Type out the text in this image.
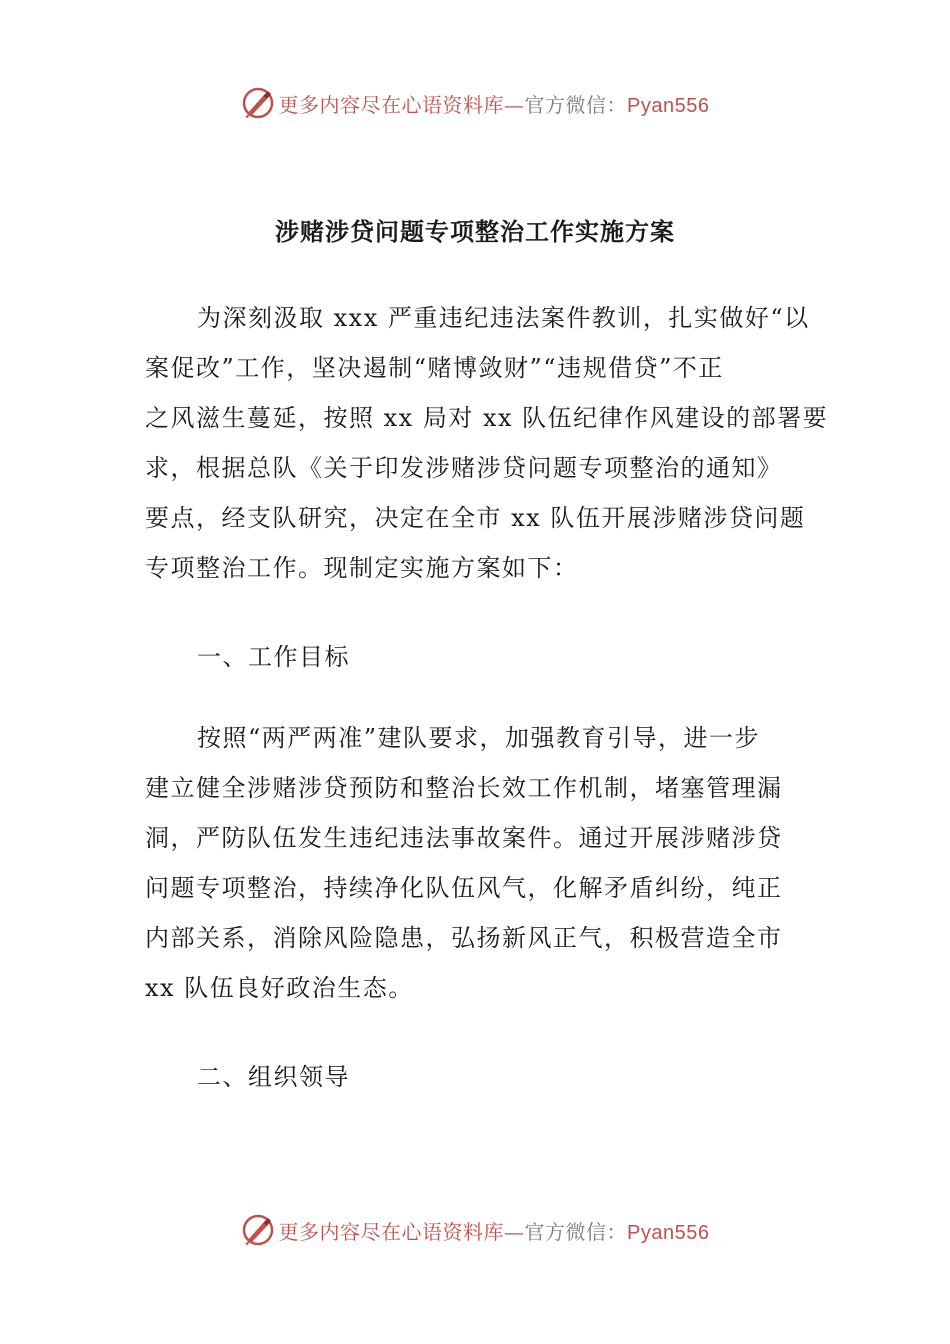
更多内容尽在心语资料库—官方微信：Pyan556
涉赌涉贷问题专项整治工作实施方案

为深刻汲取 xxx 严重违纪违法案件教训，扎实做好“以
案促改”工作，坚决遏制“赌博敛财”“违规借贷”不正
之风滋生蔓延，按照 xx 局对 xx 队伍纪律作风建设的部署要
求，根据总队《关于印发涉赌涉贷问题专项整治的通知》
要点，经支队研究，决定在全市 xx 队伍开展涉赌涉贷问题
专项整治工作。现制定实施方案如下：

一、工作目标

按照“两严两准”建队要求，加强教育引导，进一步
建立健全涉赌涉贷预防和整治长效工作机制，堵塞管理漏
洞，严防队伍发生违纪违法事故案件。通过开展涉赌涉贷
问题专项整治，持续净化队伍风气，化解矛盾纠纷，纯正
内部关系，消除风险隐患，弘扬新风正气，积极营造全市
xx 队伍良好政治生态。

二、组织领导
更多内容尽在心语资料库—官方微信：Pyan556
